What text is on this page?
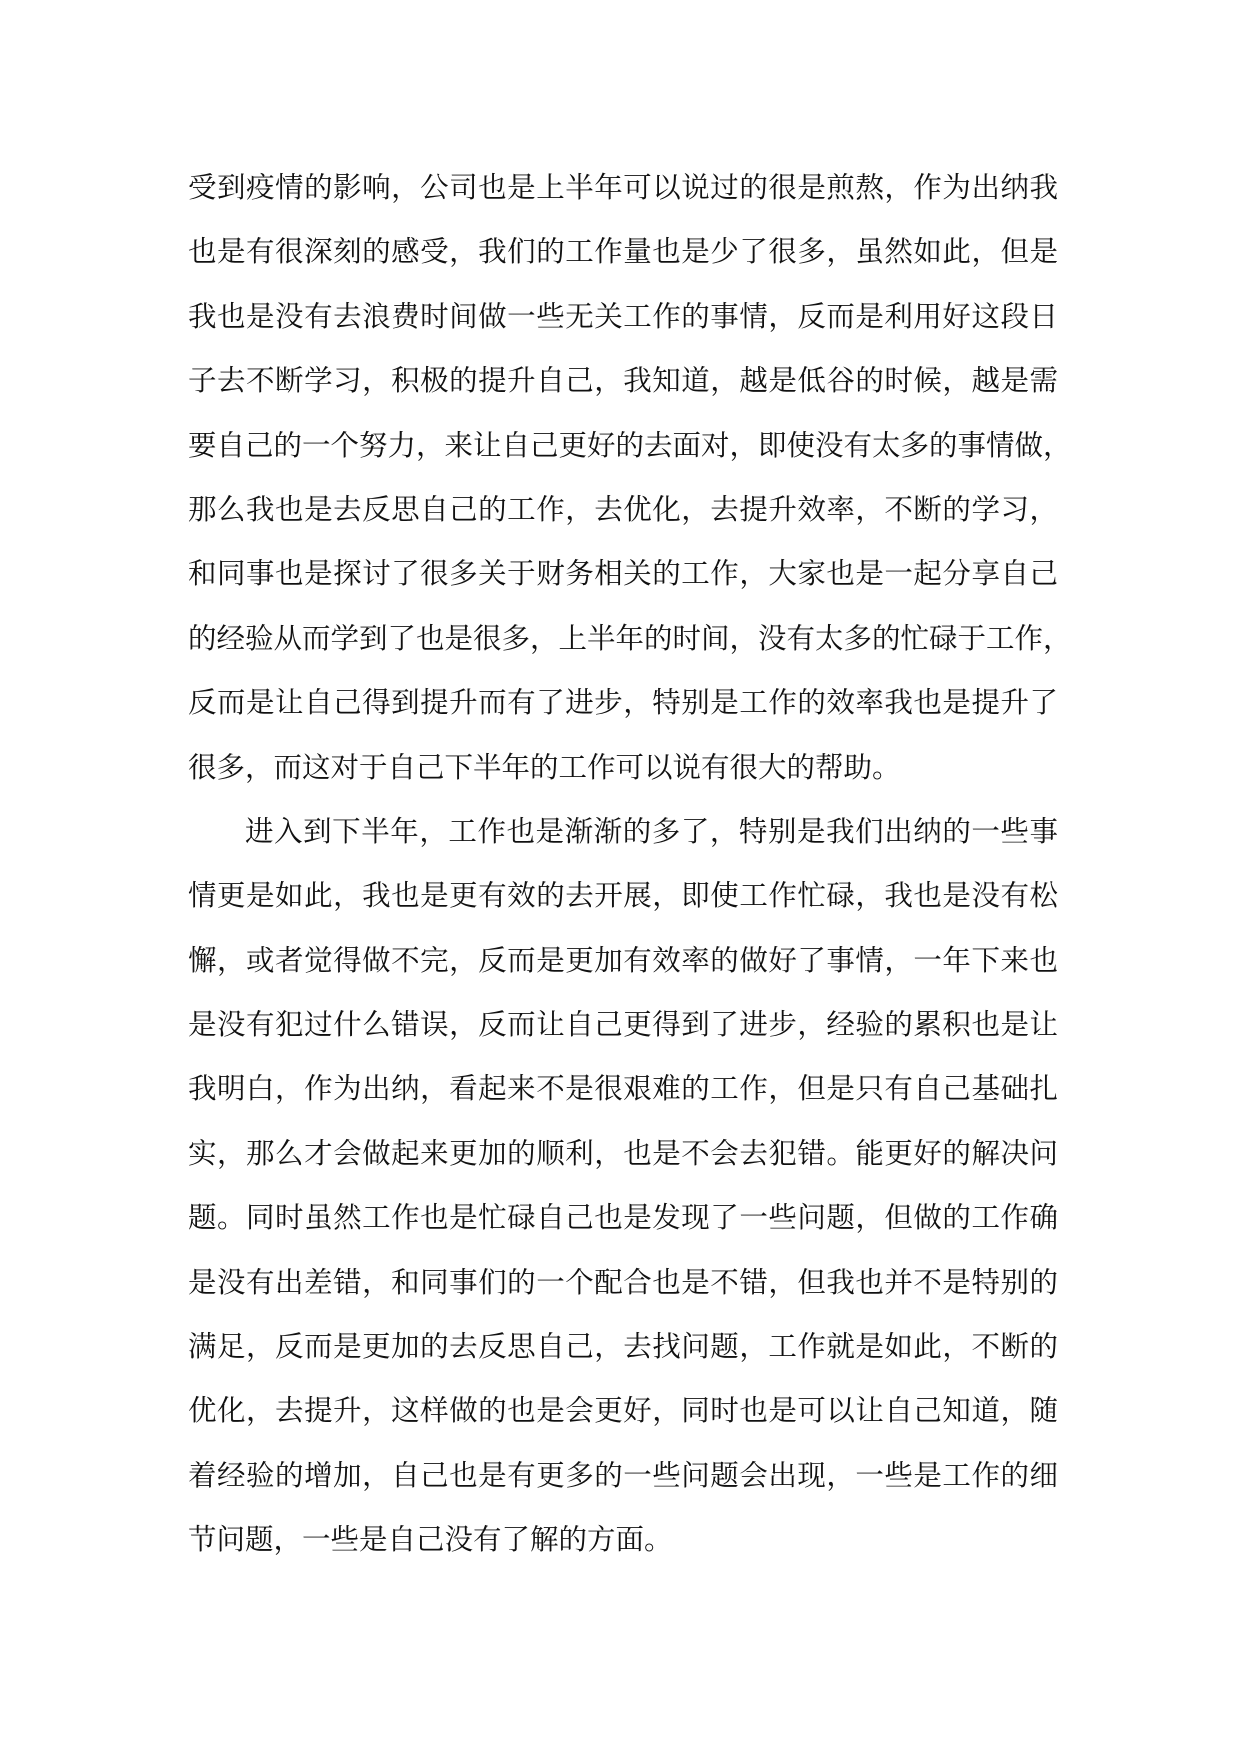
受到疫情的影响，公司也是上半年可以说过的很是煎熬，作为出纳我
也是有很深刻的感受，我们的工作量也是少了很多，虽然如此，但是
我也是没有去浪费时间做一些无关工作的事情，反而是利用好这段日
子去不断学习，积极的提升自己，我知道，越是低谷的时候，越是需
要自己的一个努力，来让自己更好的去面对，即使没有太多的事情做，
那么我也是去反思自己的工作，去优化，去提升效率，不断的学习，
和同事也是探讨了很多关于财务相关的工作，大家也是一起分享自己
的经验从而学到了也是很多，上半年的时间，没有太多的忙碌于工作，
反而是让自己得到提升而有了进步，特别是工作的效率我也是提升了
很多，而这对于自己下半年的工作可以说有很大的帮助。
进入到下半年，工作也是渐渐的多了，特别是我们出纳的一些事
情更是如此，我也是更有效的去开展，即使工作忙碌，我也是没有松
懈，或者觉得做不完，反而是更加有效率的做好了事情，一年下来也
是没有犯过什么错误，反而让自己更得到了进步，经验的累积也是让
我明白，作为出纳，看起来不是很艰难的工作，但是只有自己基础扎
实，那么才会做起来更加的顺利，也是不会去犯错。能更好的解决问
题。同时虽然工作也是忙碌自己也是发现了一些问题，但做的工作确
是没有出差错，和同事们的一个配合也是不错，但我也并不是特别的
满足，反而是更加的去反思自己，去找问题，工作就是如此，不断的
优化，去提升，这样做的也是会更好，同时也是可以让自己知道，随
着经验的增加，自己也是有更多的一些问题会出现，一些是工作的细
节问题，一些是自己没有了解的方面。
